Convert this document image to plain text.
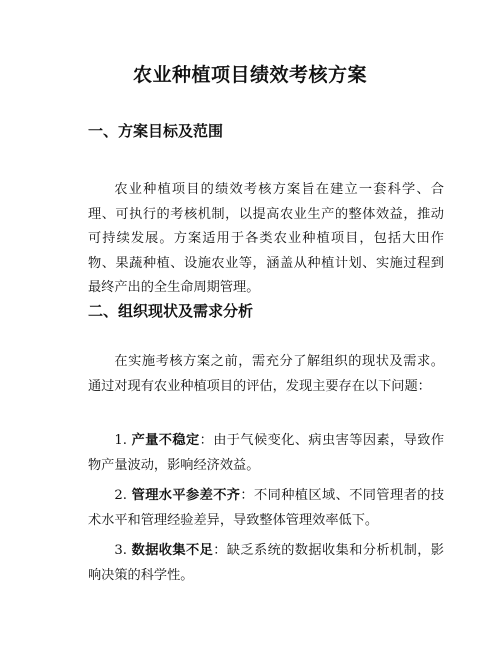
农业种植项目绩效考核方案
一、方案目标及范围

农业种植项目的绩效考核方案旨在建立一套科学、合理、可执行的考核机制，以提高农业生产的整体效益，推动可持续发展。方案适用于各类农业种植项目，包括大田作物、果蔬种植、设施农业等，涵盖从种植计划、实施过程到最终产出的全生命周期管理。

二、组织现状及需求分析

在实施考核方案之前，需充分了解组织的现状及需求。通过对现有农业种植项目的评估，发现主要存在以下问题：

1. 产量不稳定：由于气候变化、病虫害等因素，导致作物产量波动，影响经济效益。

2. 管理水平参差不齐：不同种植区域、不同管理者的技术水平和管理经验差异，导致整体管理效率低下。

3. 数据收集不足：缺乏系统的数据收集和分析机制，影响决策的科学性。
